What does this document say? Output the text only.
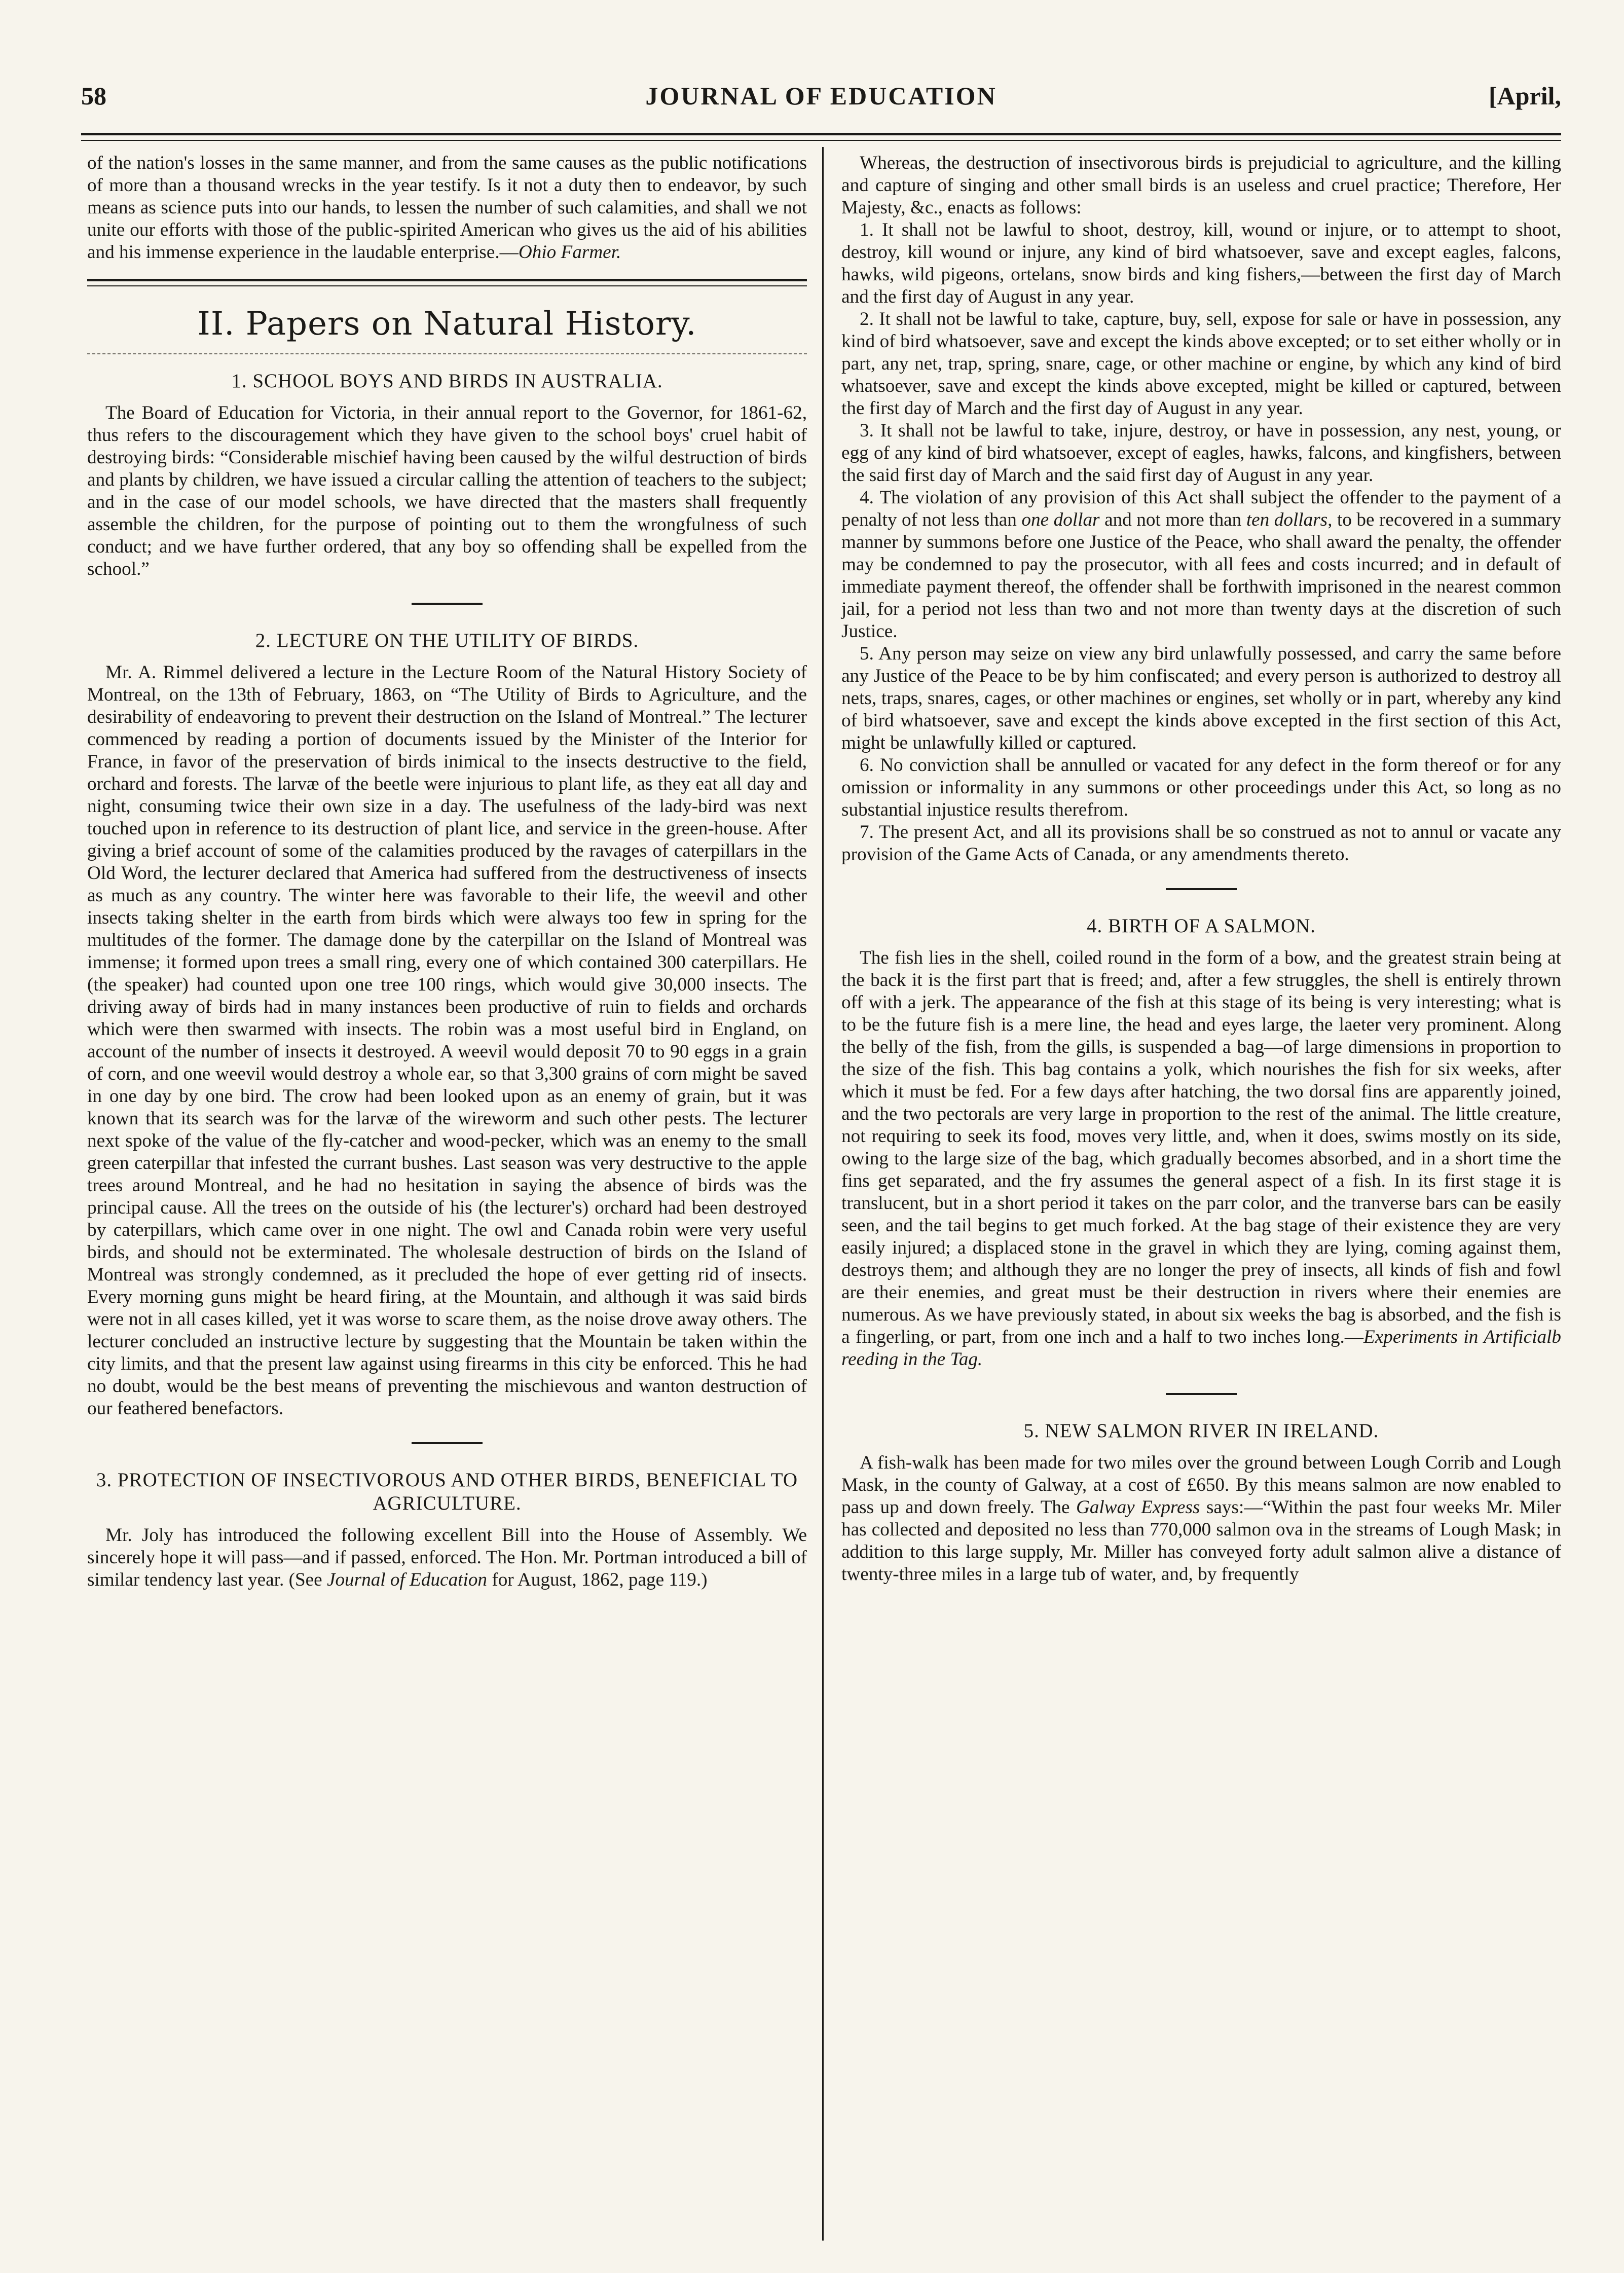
58	JOURNAL OF EDUCATION	[April,

of the nation's losses in the same manner, and from the same causes as the public notifications of more than a thousand wrecks in the year testify. Is it not a duty then to endeavor, by such means as science puts into our hands, to lessen the number of such calamities, and shall we not unite our efforts with those of the public-spirited American who gives us the aid of his abilities and his immense experience in the laudable enterprise.—Ohio Farmer.

II. Papers on Natural History.
1. SCHOOL BOYS AND BIRDS IN AUSTRALIA.

The Board of Education for Victoria, in their annual report to the Governor, for 1861-62, thus refers to the discouragement which they have given to the school boys' cruel habit of destroying birds: “Considerable mischief having been caused by the wilful destruction of birds and plants by children, we have issued a circular calling the attention of teachers to the subject; and in the case of our model schools, we have directed that the masters shall frequently assemble the children, for the purpose of pointing out to them the wrongfulness of such conduct; and we have further ordered, that any boy so offending shall be expelled from the school.”

2. LECTURE ON THE UTILITY OF BIRDS.

Mr. A. Rimmel delivered a lecture in the Lecture Room of the Natural History Society of Montreal, on the 13th of February, 1863, on “The Utility of Birds to Agriculture, and the desirability of endeavoring to prevent their destruction on the Island of Montreal.” The lecturer commenced by reading a portion of documents issued by the Minister of the Interior for France, in favor of the preservation of birds inimical to the insects destructive to the field, orchard and forests. The larvæ of the beetle were injurious to plant life, as they eat all day and night, consuming twice their own size in a day. The usefulness of the lady-bird was next touched upon in reference to its destruction of plant lice, and service in the green-house. After giving a brief account of some of the calamities produced by the ravages of caterpillars in the Old Word, the lecturer declared that America had suffered from the destructiveness of insects as much as any country. The winter here was favorable to their life, the weevil and other insects taking shelter in the earth from birds which were always too few in spring for the multitudes of the former. The damage done by the caterpillar on the Island of Montreal was immense; it formed upon trees a small ring, every one of which contained 300 caterpillars. He (the speaker) had counted upon one tree 100 rings, which would give 30,000 insects. The driving away of birds had in many instances been productive of ruin to fields and orchards which were then swarmed with insects. The robin was a most useful bird in England, on account of the number of insects it destroyed. A weevil would deposit 70 to 90 eggs in a grain of corn, and one weevil would destroy a whole ear, so that 3,300 grains of corn might be saved in one day by one bird. The crow had been looked upon as an enemy of grain, but it was known that its search was for the larvæ of the wireworm and such other pests. The lecturer next spoke of the value of the fly-catcher and wood-pecker, which was an enemy to the small green caterpillar that infested the currant bushes. Last season was very destructive to the apple trees around Montreal, and he had no hesitation in saying the absence of birds was the principal cause. All the trees on the outside of his (the lecturer's) orchard had been destroyed by caterpillars, which came over in one night. The owl and Canada robin were very useful birds, and should not be exterminated. The wholesale destruction of birds on the Island of Montreal was strongly condemned, as it precluded the hope of ever getting rid of insects. Every morning guns might be heard firing, at the Mountain, and although it was said birds were not in all cases killed, yet it was worse to scare them, as the noise drove away others. The lecturer concluded an instructive lecture by suggesting that the Mountain be taken within the city limits, and that the present law against using firearms in this city be enforced. This he had no doubt, would be the best means of preventing the mischievous and wanton destruction of our feathered benefactors.

3. PROTECTION OF INSECTIVOROUS AND OTHER BIRDS, BENEFICIAL TO AGRICULTURE.

Mr. Joly has introduced the following excellent Bill into the House of Assembly. We sincerely hope it will pass—and if passed, enforced. The Hon. Mr. Portman introduced a bill of similar tendency last year. (See Journal of Education for August, 1862, page 119.)

Whereas, the destruction of insectivorous birds is prejudicial to agriculture, and the killing and capture of singing and other small birds is an useless and cruel practice; Therefore, Her Majesty, &c., enacts as follows:

1. It shall not be lawful to shoot, destroy, kill, wound or injure, or to attempt to shoot, destroy, kill wound or injure, any kind of bird whatsoever, save and except eagles, falcons, hawks, wild pigeons, ortelans, snow birds and king fishers,—between the first day of March and the first day of August in any year.

2. It shall not be lawful to take, capture, buy, sell, expose for sale or have in possession, any kind of bird whatsoever, save and except the kinds above excepted; or to set either wholly or in part, any net, trap, spring, snare, cage, or other machine or engine, by which any kind of bird whatsoever, save and except the kinds above excepted, might be killed or captured, between the first day of March and the first day of August in any year.

3. It shall not be lawful to take, injure, destroy, or have in possession, any nest, young, or egg of any kind of bird whatsoever, except of eagles, hawks, falcons, and kingfishers, between the said first day of March and the said first day of August in any year.

4. The violation of any provision of this Act shall subject the offender to the payment of a penalty of not less than one dollar and not more than ten dollars, to be recovered in a summary manner by summons before one Justice of the Peace, who shall award the penalty, the offender may be condemned to pay the prosecutor, with all fees and costs incurred; and in default of immediate payment thereof, the offender shall be forthwith imprisoned in the nearest common jail, for a period not less than two and not more than twenty days at the discretion of such Justice.

5. Any person may seize on view any bird unlawfully possessed, and carry the same before any Justice of the Peace to be by him confiscated; and every person is authorized to destroy all nets, traps, snares, cages, or other machines or engines, set wholly or in part, whereby any kind of bird whatsoever, save and except the kinds above excepted in the first section of this Act, might be unlawfully killed or captured.

6. No conviction shall be annulled or vacated for any defect in the form thereof or for any omission or informality in any summons or other proceedings under this Act, so long as no substantial injustice results therefrom.

7. The present Act, and all its provisions shall be so construed as not to annul or vacate any provision of the Game Acts of Canada, or any amendments thereto.

4. BIRTH OF A SALMON.

The fish lies in the shell, coiled round in the form of a bow, and the greatest strain being at the back it is the first part that is freed; and, after a few struggles, the shell is entirely thrown off with a jerk. The appearance of the fish at this stage of its being is very interesting; what is to be the future fish is a mere line, the head and eyes large, the laeter very prominent. Along the belly of the fish, from the gills, is suspended a bag—of large dimensions in proportion to the size of the fish. This bag contains a yolk, which nourishes the fish for six weeks, after which it must be fed. For a few days after hatching, the two dorsal fins are apparently joined, and the two pectorals are very large in proportion to the rest of the animal. The little creature, not requiring to seek its food, moves very little, and, when it does, swims mostly on its side, owing to the large size of the bag, which gradually becomes absorbed, and in a short time the fins get separated, and the fry assumes the general aspect of a fish. In its first stage it is translucent, but in a short period it takes on the parr color, and the tranverse bars can be easily seen, and the tail begins to get much forked. At the bag stage of their existence they are very easily injured; a displaced stone in the gravel in which they are lying, coming against them, destroys them; and although they are no longer the prey of insects, all kinds of fish and fowl are their enemies, and great must be their destruction in rivers where their enemies are numerous. As we have previously stated, in about six weeks the bag is absorbed, and the fish is a fingerling, or part, from one inch and a half to two inches long.—Experiments in Artificialb reeding in the Tag.

5. NEW SALMON RIVER IN IRELAND.

A fish-walk has been made for two miles over the ground between Lough Corrib and Lough Mask, in the county of Galway, at a cost of £650. By this means salmon are now enabled to pass up and down freely. The Galway Express says:—“Within the past four weeks Mr. Miler has collected and deposited no less than 770,000 salmon ova in the streams of Lough Mask; in addition to this large supply, Mr. Miller has conveyed forty adult salmon alive a distance of twenty-three miles in a large tub of water, and, by frequently
